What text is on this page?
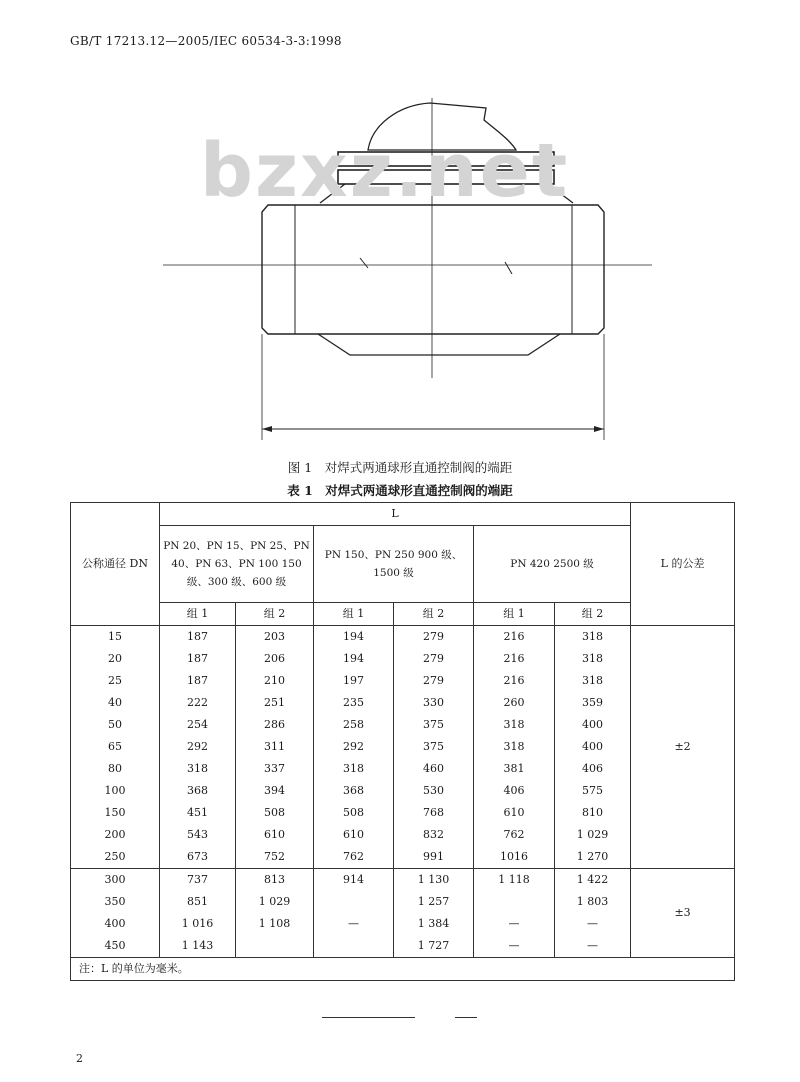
GB/T 17213.12—2005/IEC 60534-3-3:1998
bzxz.net
图 1　对焊式两通球形直通控制阀的端距
表 1　对焊式两通球形直通控制阀的端距
公称通径 DN	L						L 的公差
	PN 20、PN 15、PN 25、PN 40、PN 63、PN 100 150 级、300 级、600 级		PN 150、PN 250 900 级、1500 级		PN 420 2500 级		
	组 1	组 2	组 1	组 2	组 1	组 2	
15	187	203	194	279	216	318	±2
20	187	206	194	279	216	318	
25	187	210	197	279	216	318	
40	222	251	235	330	260	359	
50	254	286	258	375	318	400	
65	292	311	292	375	318	400	
80	318	337	318	460	381	406	
100	368	394	368	530	406	575	
150	451	508	508	768	610	810	
200	543	610	610	832	762	1 029	
250	673	752	762	991	1016	1 270	
300	737	813	914	1 130	1 118	1 422	±3
350	851	1 029		1 257		1 803	
400	1 016	1 108	—	1 384	—	—	
450	1 143			1 727	—	—	
注：L 的单位为毫米。							
2
